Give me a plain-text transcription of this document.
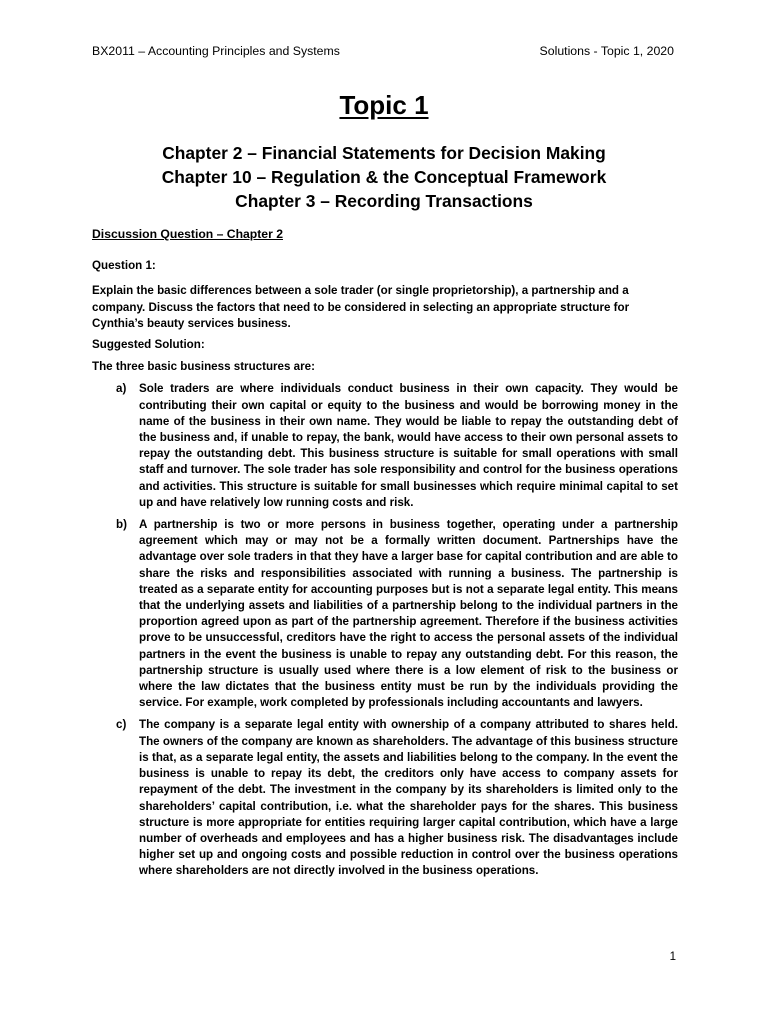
BX2011 – Accounting Principles and Systems	Solutions - Topic 1, 2020
Topic 1
Chapter 2 – Financial Statements for Decision Making
Chapter 10 – Regulation & the Conceptual Framework
Chapter 3 – Recording Transactions

Discussion Question – Chapter 2

Question 1:

Explain the basic differences between a sole trader (or single proprietorship), a partnership and a company. Discuss the factors that need to be considered in selecting an appropriate structure for Cynthia’s beauty services business.

Suggested Solution:

The three basic business structures are:

a)	Sole traders are where individuals conduct business in their own capacity. They would be contributing their own capital or equity to the business and would be borrowing money in the name of the business in their own name. They would be liable to repay the outstanding debt of the business and, if unable to repay, the bank, would have access to their own personal assets to repay the outstanding debt. This business structure is suitable for small operations with small staff and turnover. The sole trader has sole responsibility and control for the business operations and activities. This structure is suitable for small businesses which require minimal capital to set up and have relatively low running costs and risk.
b)	A partnership is two or more persons in business together, operating under a partnership agreement which may or may not be a formally written document. Partnerships have the advantage over sole traders in that they have a larger base for capital contribution and are able to share the risks and responsibilities associated with running a business. The partnership is treated as a separate entity for accounting purposes but is not a separate legal entity. This means that the underlying assets and liabilities of a partnership belong to the individual partners in the proportion agreed upon as part of the partnership agreement. Therefore if the business activities prove to be unsuccessful, creditors have the right to access the personal assets of the individual partners in the event the business is unable to repay any outstanding debt. For this reason, the partnership structure is usually used where there is a low element of risk to the business or where the law dictates that the business entity must be run by the individuals providing the service. For example, work completed by professionals including accountants and lawyers.
c)	The company is a separate legal entity with ownership of a company attributed to shares held. The owners of the company are known as shareholders. The advantage of this business structure is that, as a separate legal entity, the assets and liabilities belong to the company. In the event the business is unable to repay its debt, the creditors only have access to company assets for repayment of the debt. The investment in the company by its shareholders is limited only to the shareholders’ capital contribution, i.e. what the shareholder pays for the shares. This business structure is more appropriate for entities requiring larger capital contribution, which have a large number of overheads and employees and has a higher business risk. The disadvantages include higher set up and ongoing costs and possible reduction in control over the business operations where shareholders are not directly involved in the business operations.
1
